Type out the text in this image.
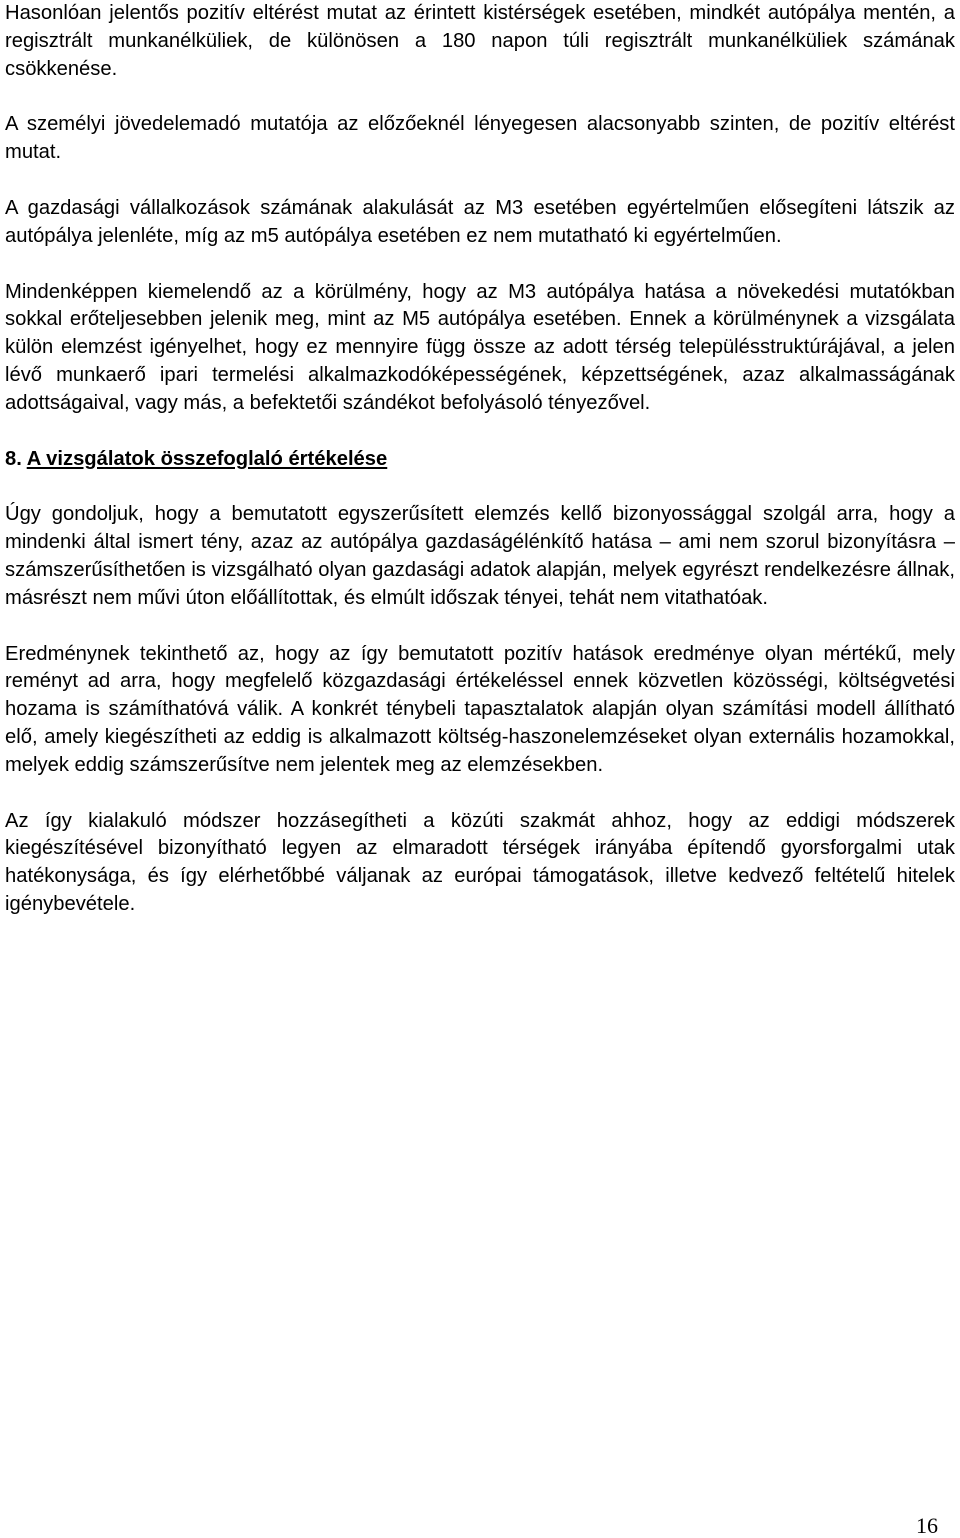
Hasonlóan jelentős pozitív eltérést mutat az érintett kistérségek esetében, mindkét autópálya mentén, a regisztrált munkanélküliek, de különösen a 180 napon túli regisztrált munkanélküliek számának csökkenése.

A személyi jövedelemadó mutatója az előzőeknél lényegesen alacsonyabb szinten, de pozitív eltérést mutat.

A gazdasági vállalkozások számának alakulását az M3 esetében egyértelműen elősegíteni látszik az autópálya jelenléte, míg az m5 autópálya esetében ez nem mutatható ki egyértelműen.

Mindenképpen kiemelendő az a körülmény, hogy az M3 autópálya hatása a növekedési mutatókban sokkal erőteljesebben jelenik meg, mint az M5 autópálya esetében. Ennek a körülménynek a vizsgálata külön elemzést igényelhet, hogy ez mennyire függ össze az adott térség településstruktúrájával, a jelen lévő munkaerő ipari termelési alkalmazkodóképességének, képzettségének, azaz alkalmasságának adottságaival, vagy más, a befektetői szándékot befolyásoló tényezővel.

8. A vizsgálatok összefoglaló értékelése

Úgy gondoljuk, hogy a bemutatott egyszerűsített elemzés kellő bizonyossággal szolgál arra, hogy a mindenki által ismert tény, azaz az autópálya gazdaságélénkítő hatása – ami nem szorul bizonyításra – számszerűsíthetően is vizsgálható olyan gazdasági adatok alapján, melyek egyrészt rendelkezésre állnak, másrészt nem művi úton előállítottak, és elmúlt időszak tényei, tehát nem vitathatóak.

Eredménynek tekinthető az, hogy az így bemutatott pozitív hatások eredménye olyan mértékű, mely reményt ad arra, hogy megfelelő közgazdasági értékeléssel ennek közvetlen közösségi, költségvetési hozama is számíthatóvá válik. A konkrét ténybeli tapasztalatok alapján olyan számítási modell állítható elő, amely kiegészítheti az eddig is alkalmazott költség-haszonelemzéseket olyan externális hozamokkal, melyek eddig számszerűsítve nem jelentek meg az elemzésekben.

Az így kialakuló módszer hozzásegítheti a közúti szakmát ahhoz, hogy az eddigi módszerek kiegészítésével bizonyítható legyen az elmaradott térségek irányába építendő gyorsforgalmi utak hatékonysága, és így elérhetőbbé váljanak az európai támogatások, illetve kedvező feltételű hitelek igénybevétele.

16
